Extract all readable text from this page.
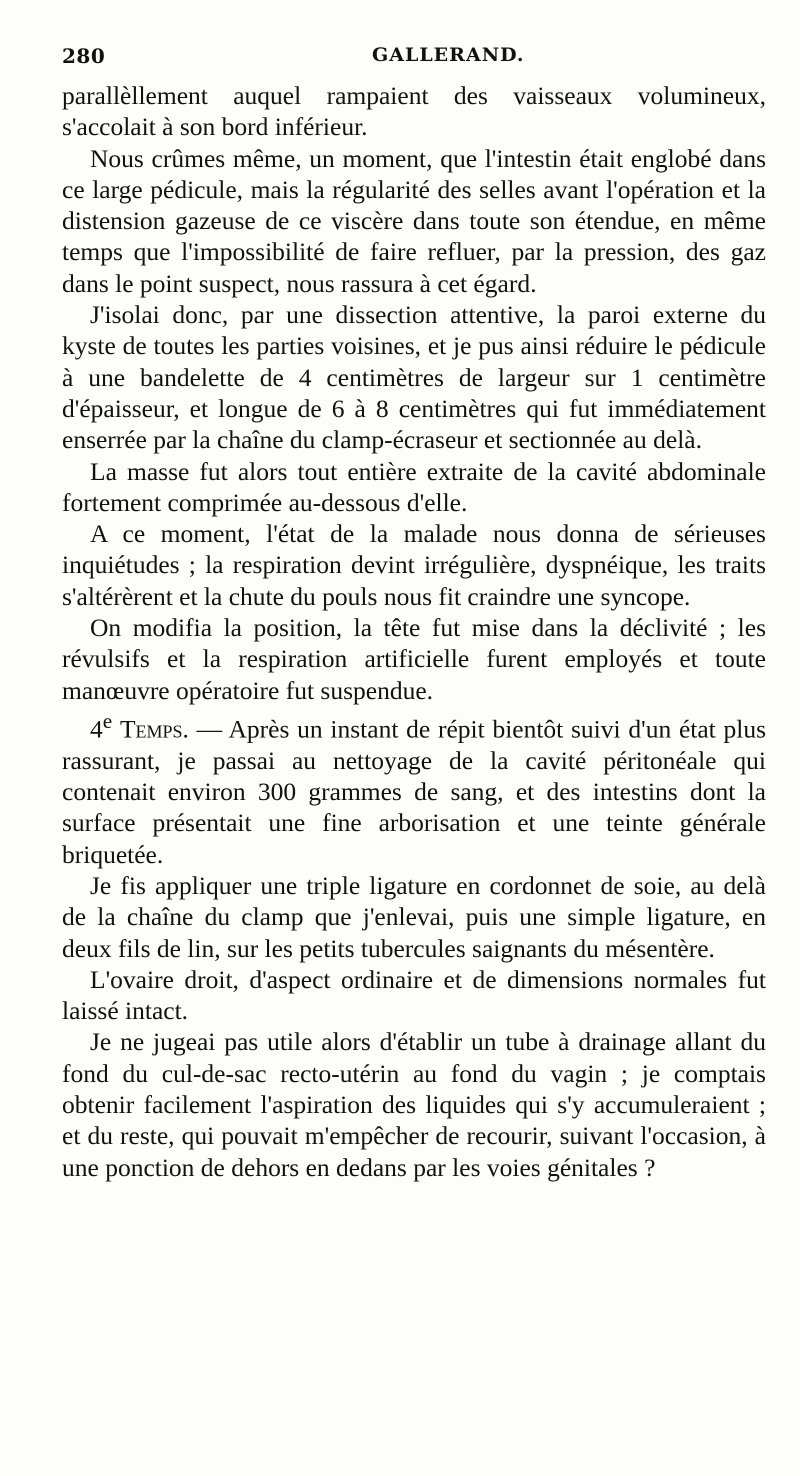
280	GALLERAND.

parallèllement auquel rampaient des vaisseaux volumineux, s'accolait à son bord inférieur.

Nous crûmes même, un moment, que l'intestin était englobé dans ce large pédicule, mais la régularité des selles avant l'opération et la distension gazeuse de ce viscère dans toute son étendue, en même temps que l'impossibilité de faire refluer, par la pression, des gaz dans le point suspect, nous rassura à cet égard.

J'isolai donc, par une dissection attentive, la paroi externe du kyste de toutes les parties voisines, et je pus ainsi réduire le pédicule à une bandelette de 4 centimètres de largeur sur 1 centimètre d'épaisseur, et longue de 6 à 8 centimètres qui fut immédiatement enserrée par la chaîne du clamp-écraseur et sectionnée au delà.

La masse fut alors tout entière extraite de la cavité abdominale fortement comprimée au-dessous d'elle.

A ce moment, l'état de la malade nous donna de sérieuses inquiétudes ; la respiration devint irrégulière, dyspnéique, les traits s'altérèrent et la chute du pouls nous fit craindre une syncope.

On modifia la position, la tête fut mise dans la déclivité ; les révulsifs et la respiration artificielle furent employés et toute manœuvre opératoire fut suspendue.

4e Temps. — Après un instant de répit bientôt suivi d'un état plus rassurant, je passai au nettoyage de la cavité péritonéale qui contenait environ 300 grammes de sang, et des intestins dont la surface présentait une fine arborisation et une teinte générale briquetée.

Je fis appliquer une triple ligature en cordonnet de soie, au delà de la chaîne du clamp que j'enlevai, puis une simple ligature, en deux fils de lin, sur les petits tubercules saignants du mésentère.

L'ovaire droit, d'aspect ordinaire et de dimensions normales fut laissé intact.

Je ne jugeai pas utile alors d'établir un tube à drainage allant du fond du cul-de-sac recto-utérin au fond du vagin ; je comptais obtenir facilement l'aspiration des liquides qui s'y accumuleraient ; et du reste, qui pouvait m'empêcher de recourir, suivant l'occasion, à une ponction de dehors en dedans par les voies génitales ?
